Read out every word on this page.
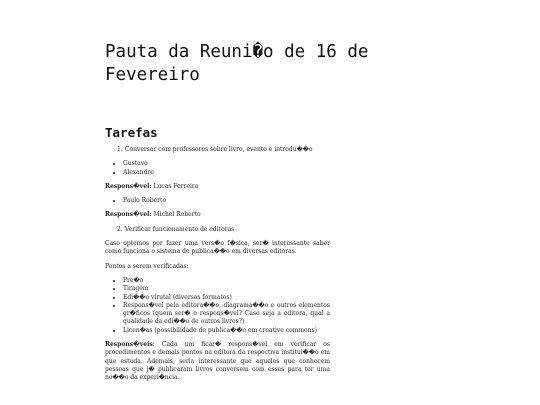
Pauta da Reuni�o de 16 de Fevereiro
Tarefas
1. Conversar com professores sobre livro, evento e introdu��o
• Gustavo
• Alexandre

Respons�vel: Lucas Ferreira

• Paulo Roberto

Respons�vel: Michel Roberto

2. Verificar funcionamento de editoras

Caso optemos por fazer uma vers�o f�sica, ser� interessante saber como funciona o sistema de publica��o em diversas editoras.

Pontos a serem verificadas:

• Pre�o
• Tiragem
• Edi��o virutal (diversos formatos)
• Respons�vel pela editora��o, diagrama��o e outros elementos gr�ficos (quem ser� o respons�vel? Caso seja a editora, qual a qualidade da edi��o de outros livros?)
• Licen�as (possibilidade de publica��o em creative commons)

Respons�veis: Cada um ficar� respons�vel em verificar os procedimentos e demais pontos na editora da respectiva institui��o em que estuda. Ademais, seria interessante que aqueles que conhecem pessoas que j� publicaram livros conversem com esses para ter uma no��o da experi�ncia.
